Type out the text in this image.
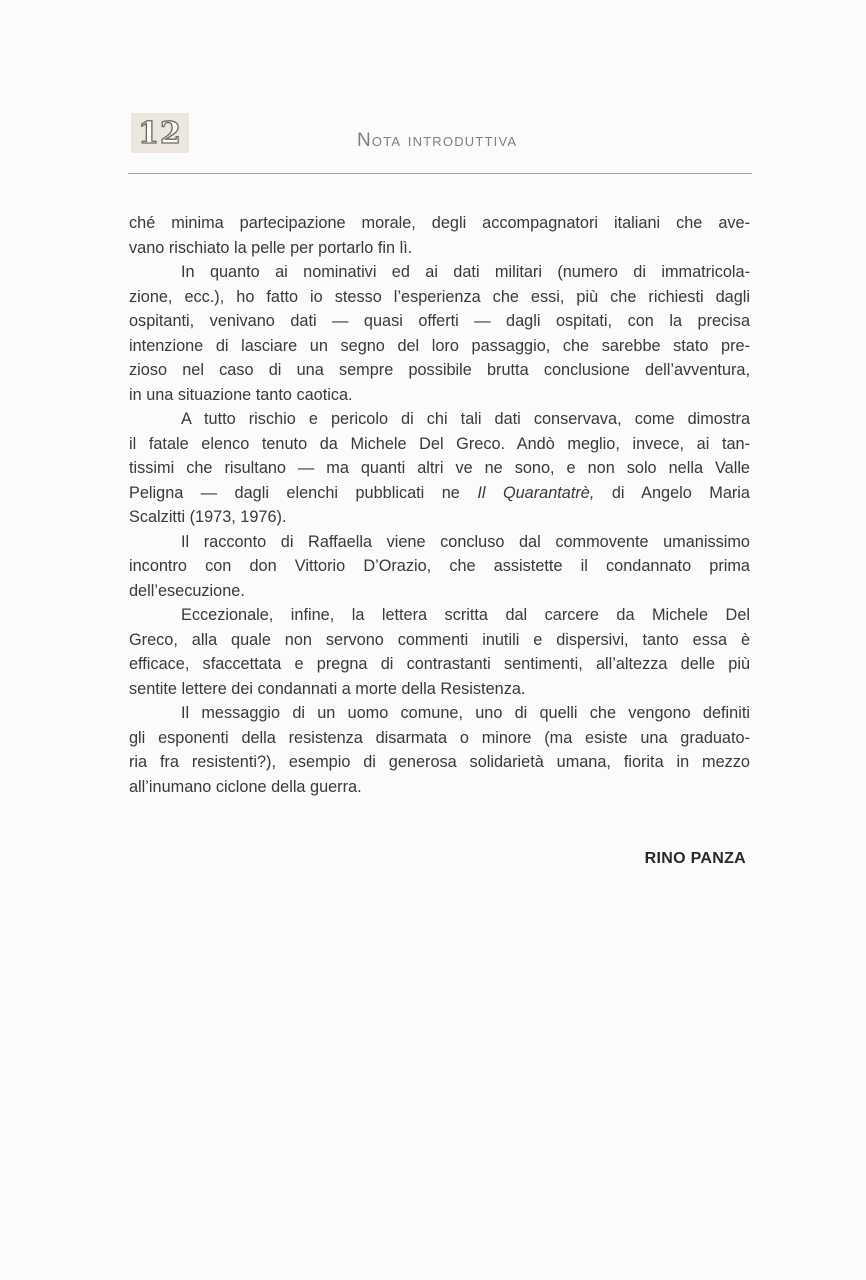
12	Nota introduttiva
ché minima partecipazione morale, degli accompagnatori italiani che ave-
vano rischiato la pelle per portarlo fin lì.
In quanto ai nominativi ed ai dati militari (numero di immatricola-
zione, ecc.), ho fatto io stesso l’esperienza che essi, più che richiesti dagli
ospitanti, venivano dati — quasi offerti — dagli ospitati, con la precisa
intenzione di lasciare un segno del loro passaggio, che sarebbe stato pre-
zioso nel caso di una sempre possibile brutta conclusione dell’avventura,
in una situazione tanto caotica.
A tutto rischio e pericolo di chi tali dati conservava, come dimostra
il fatale elenco tenuto da Michele Del Greco. Andò meglio, invece, ai tan-
tissimi che risultano — ma quanti altri ve ne sono, e non solo nella Valle
Peligna — dagli elenchi pubblicati ne Il Quarantatrè, di Angelo Maria
Scalzitti (1973, 1976).
Il racconto di Raffaella viene concluso dal commovente umanissimo
incontro con don Vittorio D’Orazio, che assistette il condannato prima
dell’esecuzione.
Eccezionale, infine, la lettera scritta dal carcere da Michele Del
Greco, alla quale non servono commenti inutili e dispersivi, tanto essa è
efficace, sfaccettata e pregna di contrastanti sentimenti, all’altezza delle più
sentite lettere dei condannati a morte della Resistenza.
Il messaggio di un uomo comune, uno di quelli che vengono definiti
gli esponenti della resistenza disarmata o minore (ma esiste una graduato-
ria fra resistenti?), esempio di generosa solidarietà umana, fiorita in mezzo
all’inumano ciclone della guerra.
RINO PANZA
